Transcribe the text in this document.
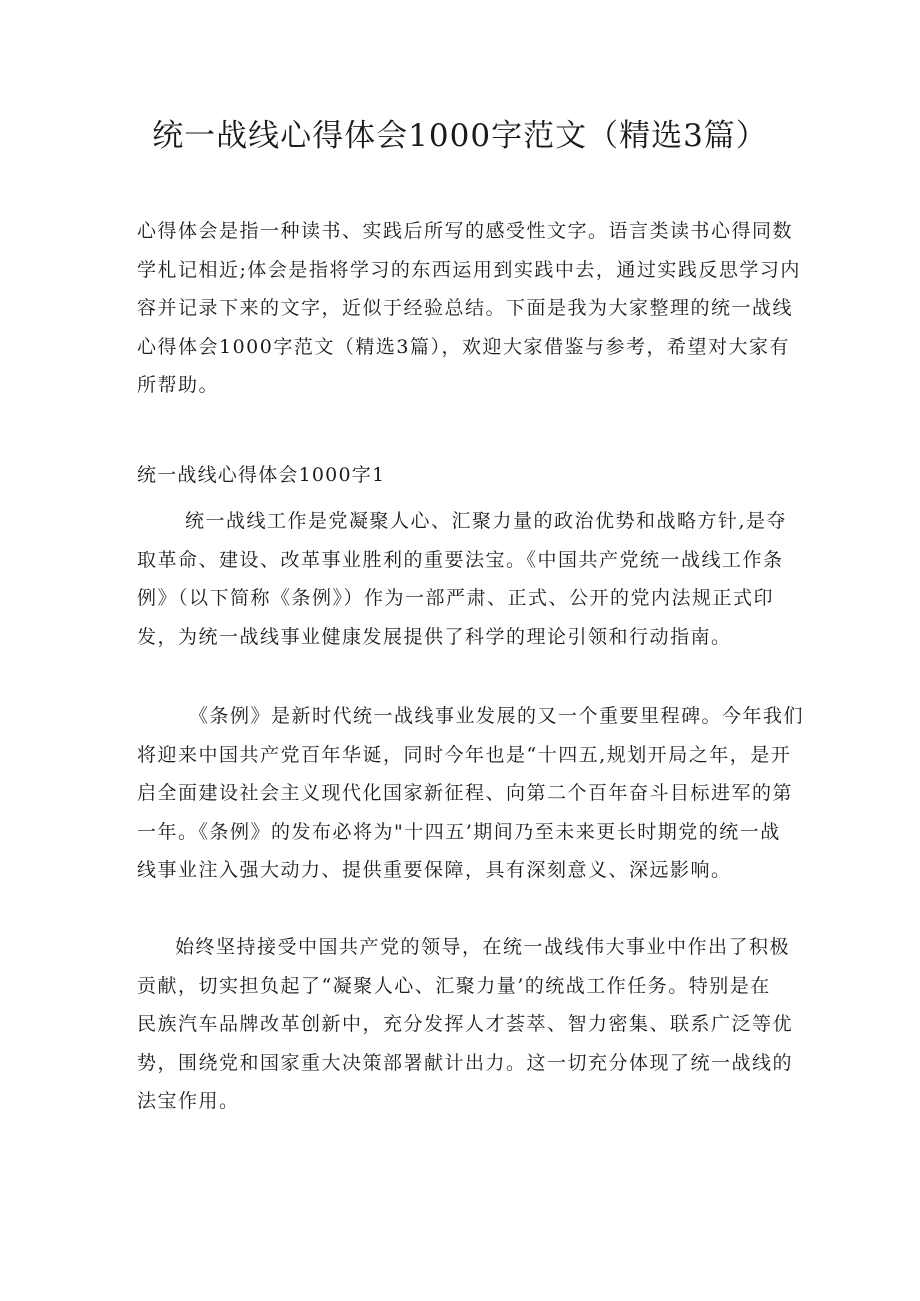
统一战线心得体会1000字范文（精选3篇）
心得体会是指一种读书、实践后所写的感受性文字。语言类读书心得同数
学札记相近;体会是指将学习的东西运用到实践中去，通过实践反思学习内
容并记录下来的文字，近似于经验总结。下面是我为大家整理的统一战线
心得体会1000字范文（精选3篇），欢迎大家借鉴与参考，希望对大家有
所帮助。
统一战线心得体会1000字1
统一战线工作是党凝聚人心、汇聚力量的政治优势和战略方针,是夺
取革命、建设、改革事业胜利的重要法宝。《中国共产党统一战线工作条
例》（以下简称《条例》）作为一部严肃、正式、公开的党内法规正式印
发，为统一战线事业健康发展提供了科学的理论引领和行动指南。
《条例》是新时代统一战线事业发展的又一个重要里程碑。今年我们
将迎来中国共产党百年华诞，同时今年也是“十四五,规划开局之年，是开
启全面建设社会主义现代化国家新征程、向第二个百年奋斗目标进军的第
一年。《条例》的发布必将为"十四五’期间乃至未来更长时期党的统一战
线事业注入强大动力、提供重要保障，具有深刻意义、深远影响。
始终坚持接受中国共产党的领导，在统一战线伟大事业中作出了积极
贡献，切实担负起了“凝聚人心、汇聚力量’的统战工作任务。特别是在
民族汽车品牌改革创新中，充分发挥人才荟萃、智力密集、联系广泛等优
势，围绕党和国家重大决策部署献计出力。这一切充分体现了统一战线的
法宝作用。
